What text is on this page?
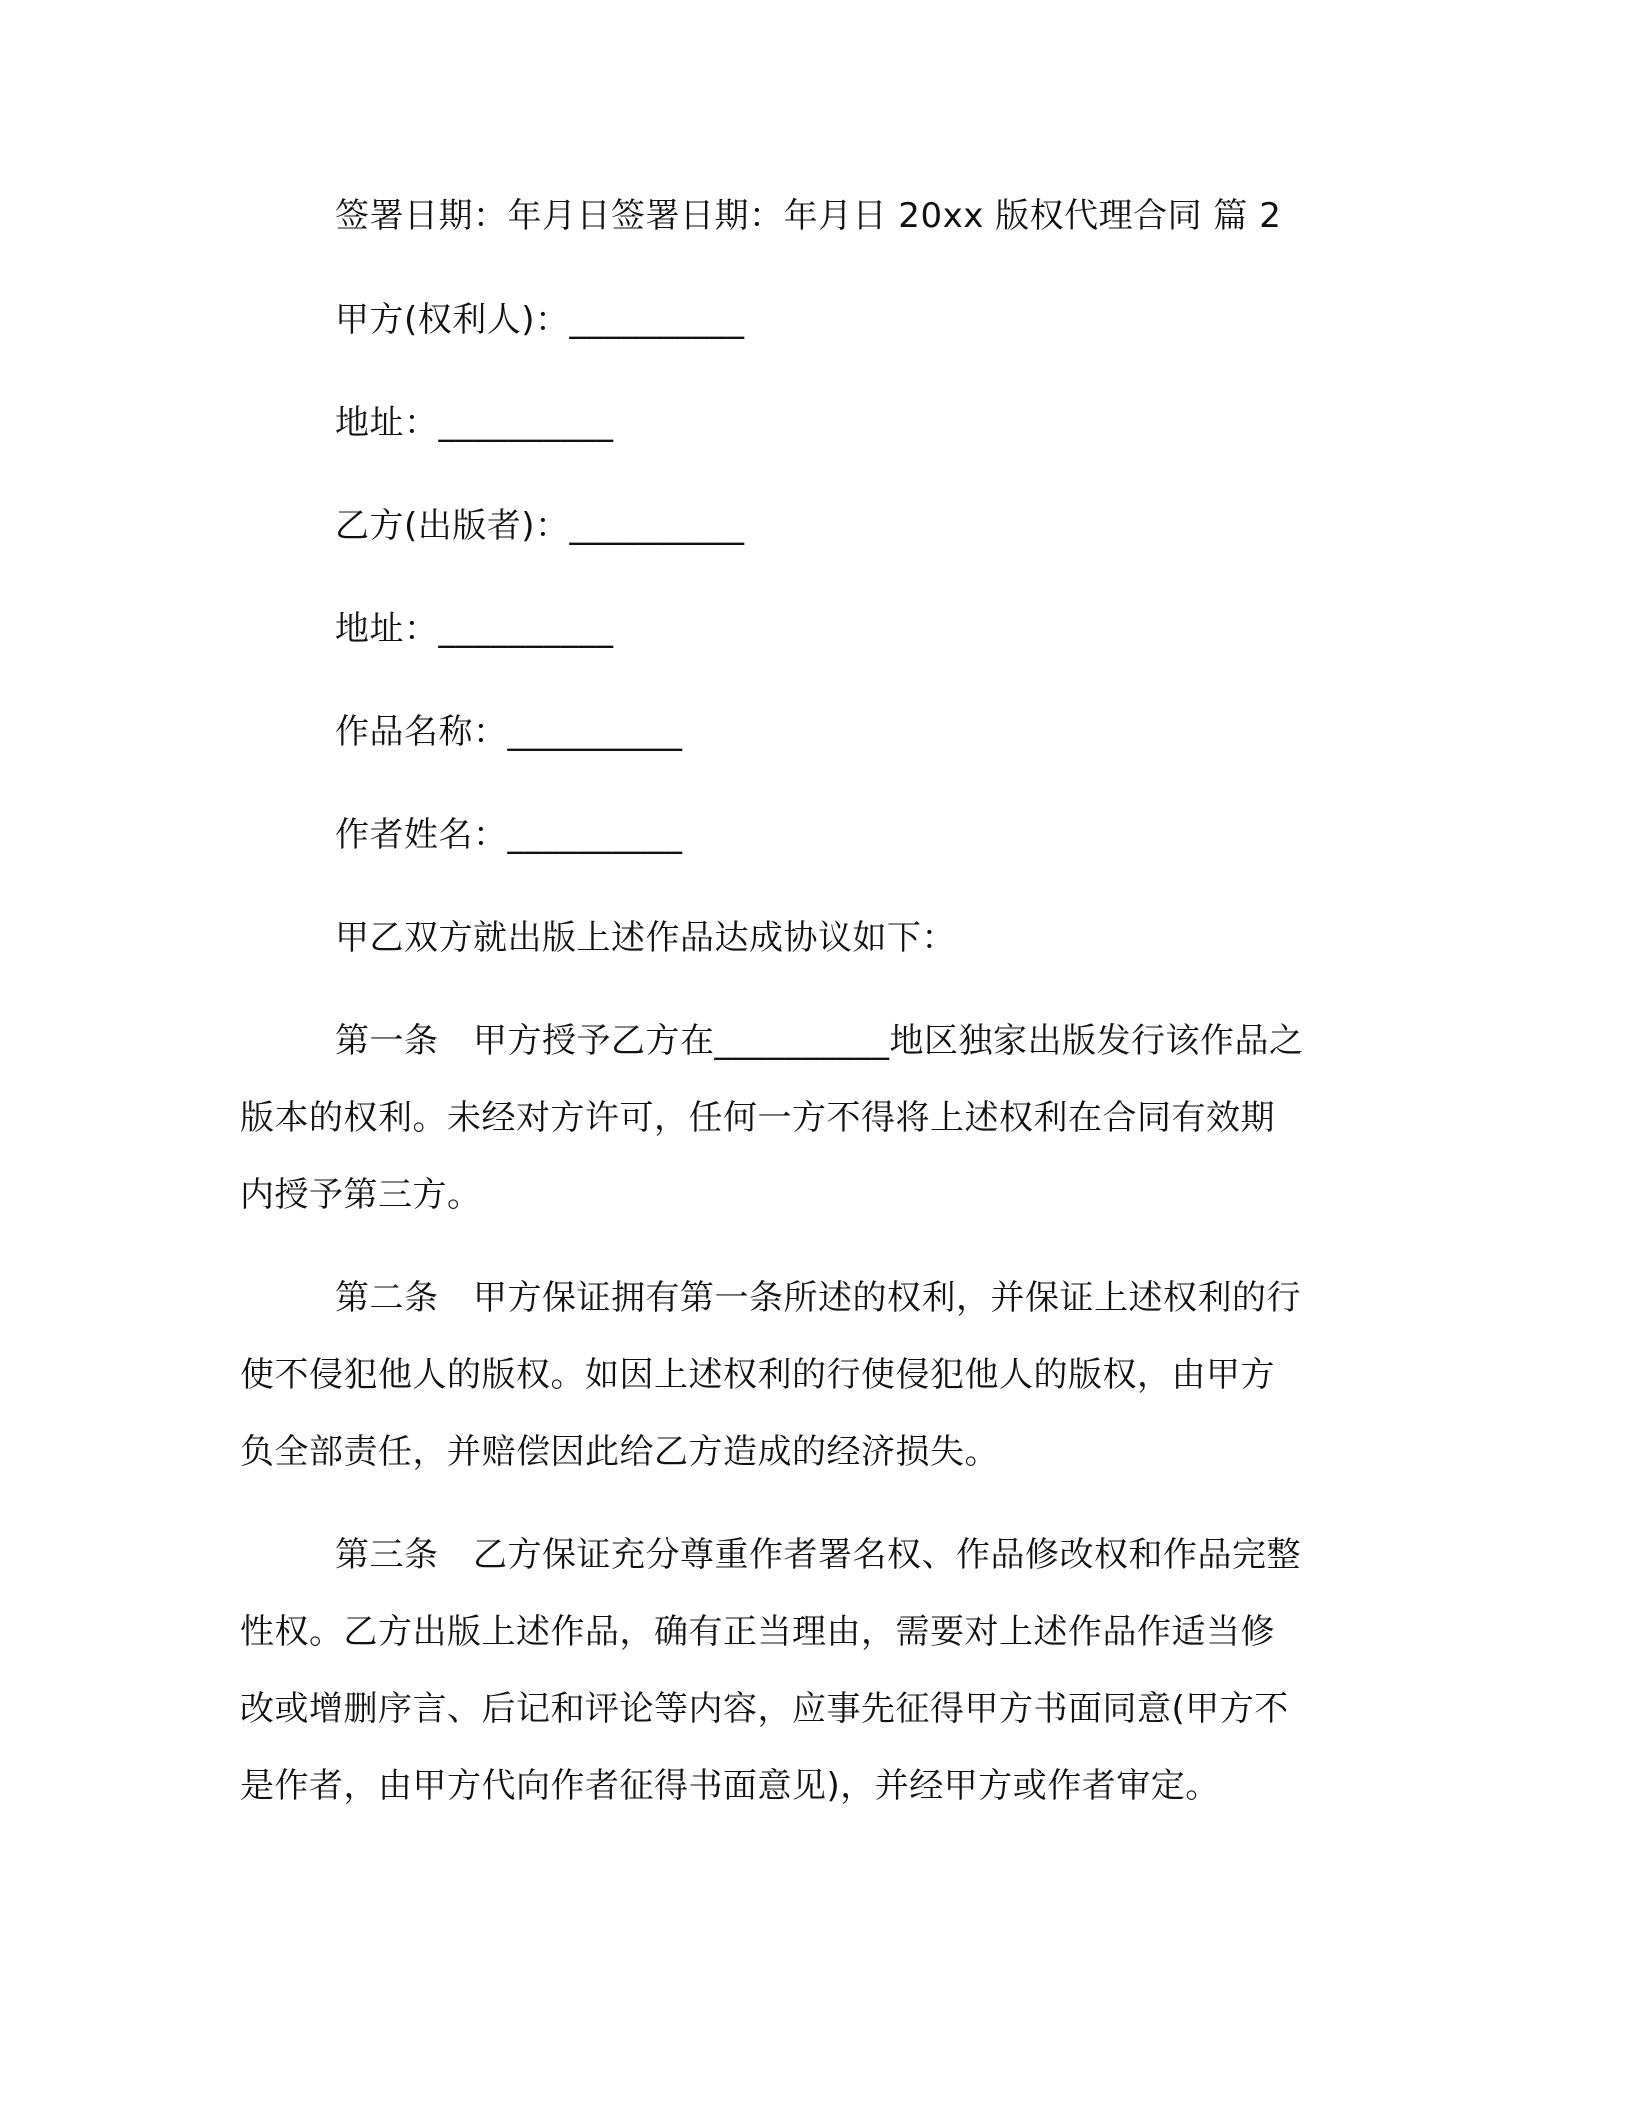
签署日期：年月日签署日期：年月日 20xx 版权代理合同 篇 2
甲方(权利人)：__________
地址：__________
乙方(出版者)：__________
地址：__________
作品名称：__________
作者姓名：__________
甲乙双方就出版上述作品达成协议如下：
第一条　甲方授予乙方在__________地区独家出版发行该作品之
版本的权利。未经对方许可，任何一方不得将上述权利在合同有效期
内授予第三方。
第二条　甲方保证拥有第一条所述的权利，并保证上述权利的行
使不侵犯他人的版权。如因上述权利的行使侵犯他人的版权，由甲方
负全部责任，并赔偿因此给乙方造成的经济损失。
第三条　乙方保证充分尊重作者署名权、作品修改权和作品完整
性权。乙方出版上述作品，确有正当理由，需要对上述作品作适当修
改或增删序言、后记和评论等内容，应事先征得甲方书面同意(甲方不
是作者，由甲方代向作者征得书面意见)，并经甲方或作者审定。
